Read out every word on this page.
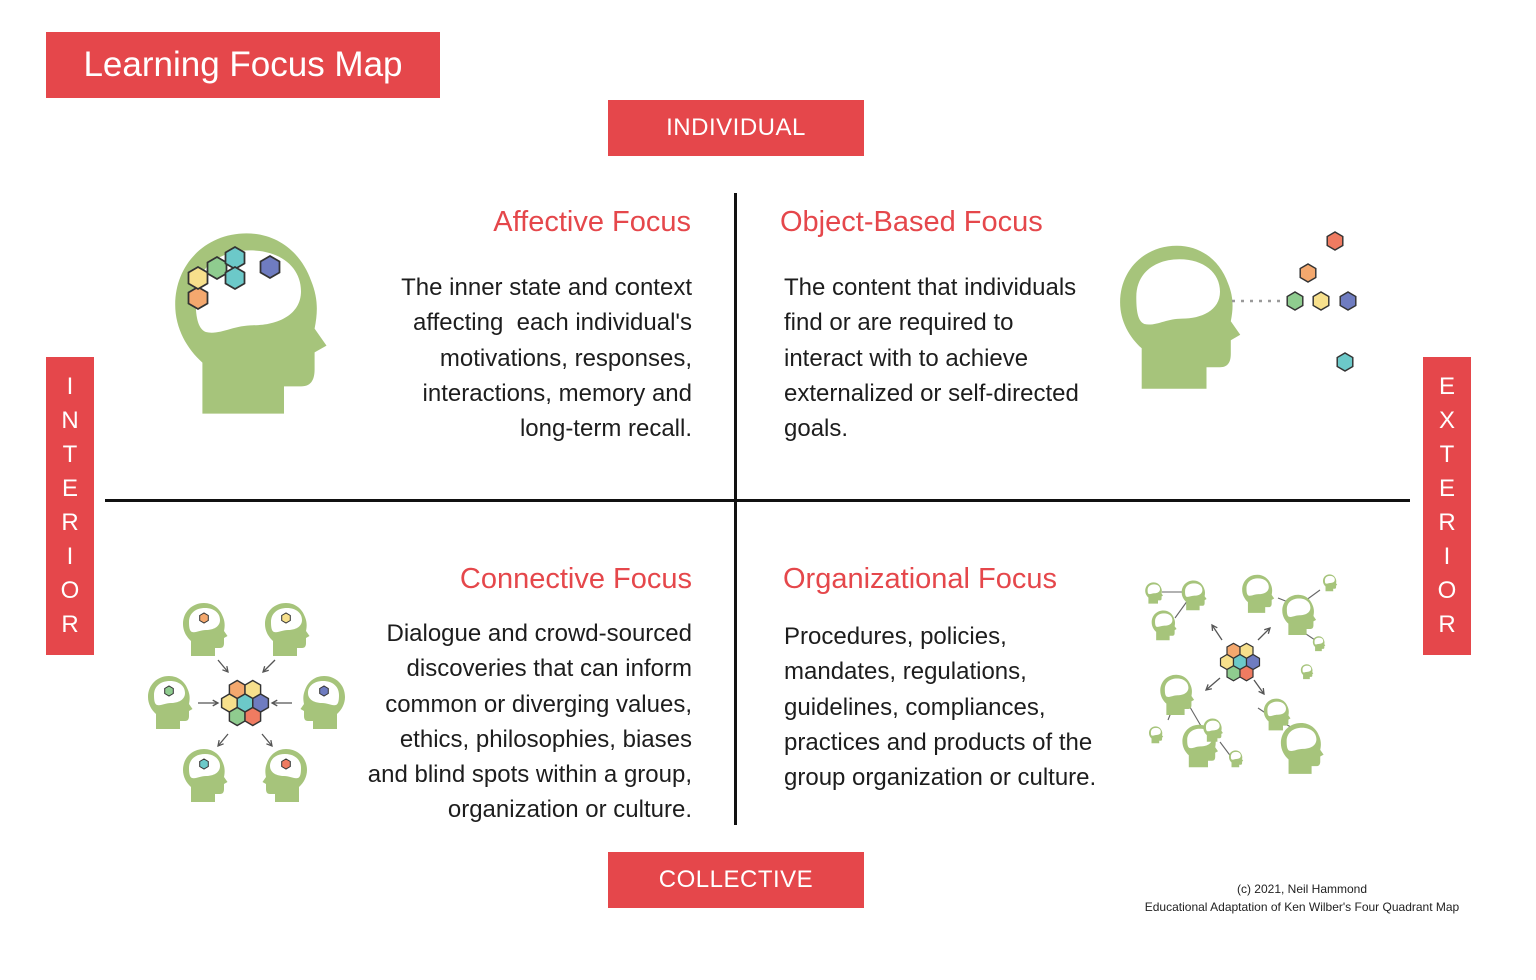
Learning Focus Map
INDIVIDUAL
COLLECTIVE
I
N
T
E
R
I
O
R
E
X
T
E
R
I
O
R
Affective Focus

The inner state and context
affecting  each individual's
motivations, responses,
interactions, memory and
long-term recall.

Object-Based Focus

The content that individuals
find or are required to
interact with to achieve
externalized or self-directed
goals.

Connective Focus

Dialogue and crowd-sourced
discoveries that can inform
common or diverging values,
ethics, philosophies, biases
and blind spots within a group,
organization or culture.

Organizational Focus

Procedures, policies,
mandates, regulations,
guidelines, compliances,
practices and products of the
group organization or culture.

(c) 2021, Neil Hammond
Educational Adaptation of Ken Wilber's Four Quadrant Map
